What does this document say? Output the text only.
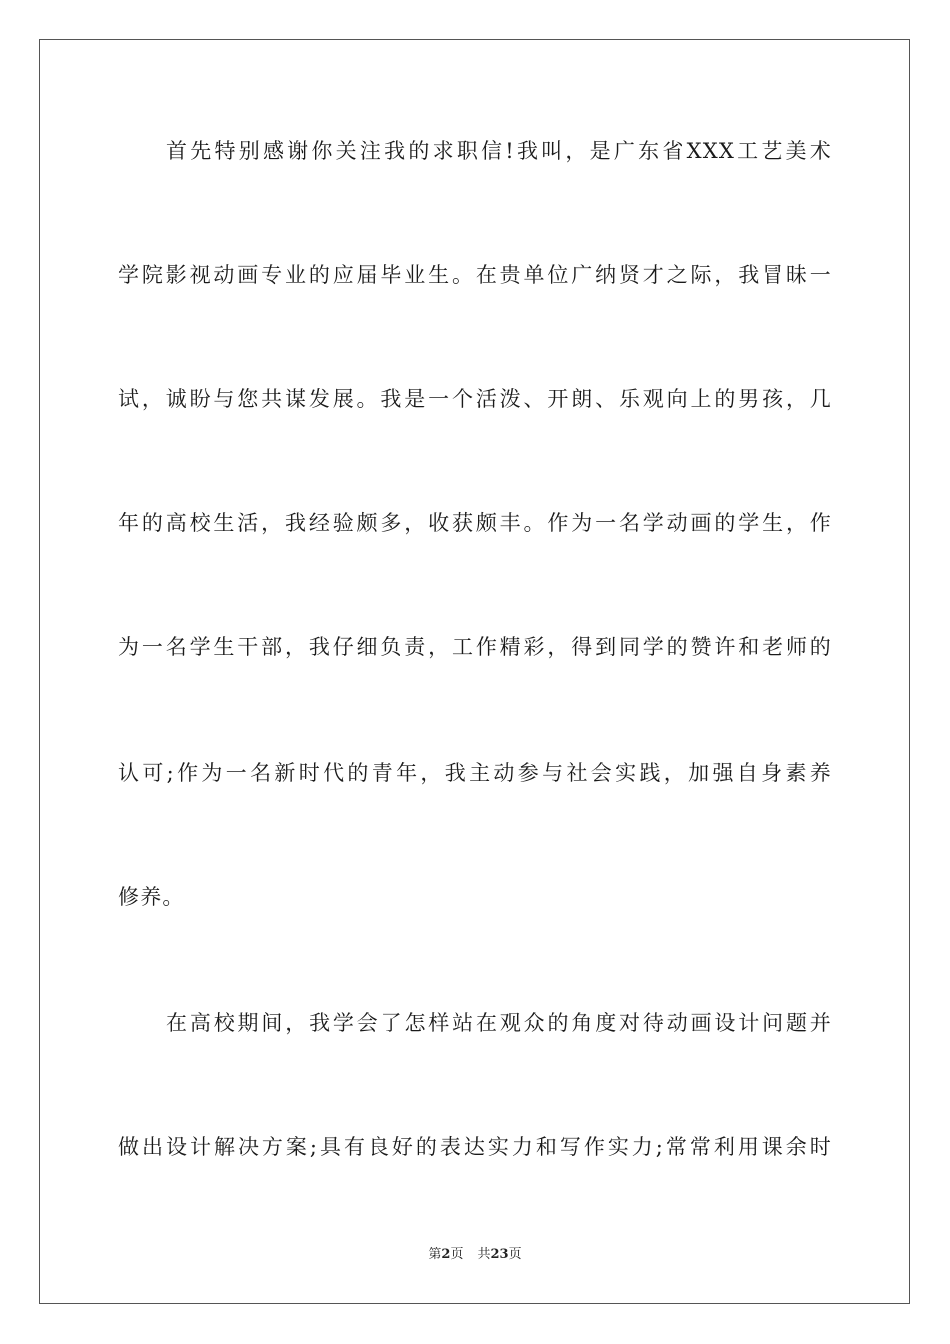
首先特别感谢你关注我的求职信!我叫，是广东省XXX工艺美术
学院影视动画专业的应届毕业生。在贵单位广纳贤才之际，我冒昧一
试，诚盼与您共谋发展。我是一个活泼、开朗、乐观向上的男孩，几
年的高校生活，我经验颇多，收获颇丰。作为一名学动画的学生，作
为一名学生干部，我仔细负责，工作精彩，得到同学的赞许和老师的
认可;作为一名新时代的青年，我主动参与社会实践，加强自身素养
修养。
在高校期间，我学会了怎样站在观众的角度对待动画设计问题并
做出设计解决方案;具有良好的表达实力和写作实力;常常利用课余时
第2页 共23页
